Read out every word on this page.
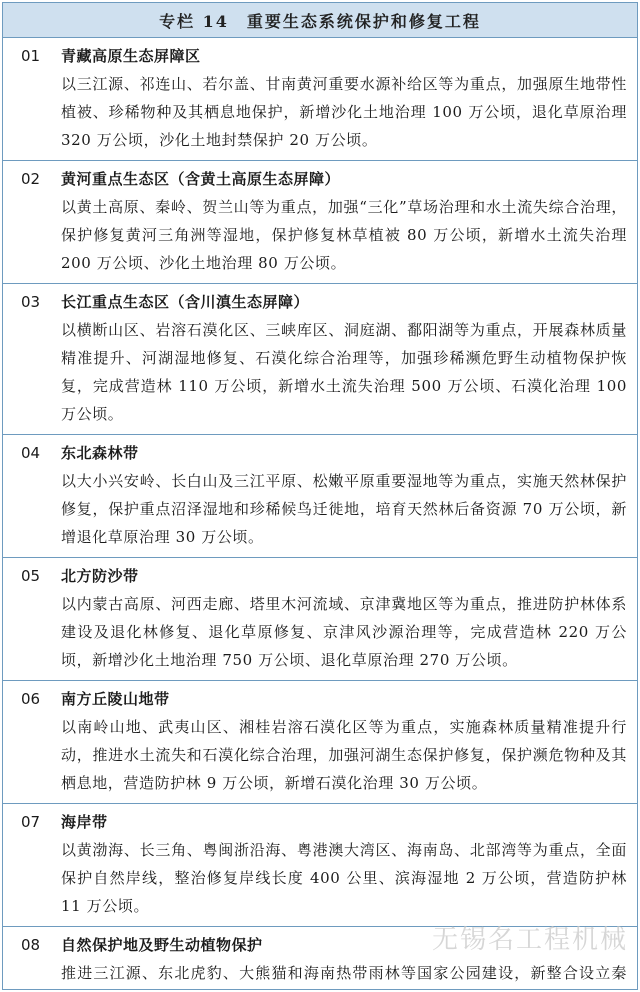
专栏 14　重要生态系统保护和修复工程
01	青藏高原生态屏障区
以三江源、祁连山、若尔盖、甘南黄河重要水源补给区等为重点，加强原生地带性植被、珍稀物种及其栖息地保护，新增沙化土地治理 100 万公顷，退化草原治理 320 万公顷，沙化土地封禁保护 20 万公顷。
02	黄河重点生态区（含黄土高原生态屏障）
以黄土高原、秦岭、贺兰山等为重点，加强“三化”草场治理和水土流失综合治理，保护修复黄河三角洲等湿地，保护修复林草植被 80 万公顷，新增水土流失治理 200 万公顷、沙化土地治理 80 万公顷。
03	长江重点生态区（含川滇生态屏障）
以横断山区、岩溶石漠化区、三峡库区、洞庭湖、鄱阳湖等为重点，开展森林质量精准提升、河湖湿地修复、石漠化综合治理等，加强珍稀濒危野生动植物保护恢复，完成营造林 110 万公顷，新增水土流失治理 500 万公顷、石漠化治理 100 万公顷。
04	东北森林带
以大小兴安岭、长白山及三江平原、松嫩平原重要湿地等为重点，实施天然林保护修复，保护重点沼泽湿地和珍稀候鸟迁徙地，培育天然林后备资源 70 万公顷，新增退化草原治理 30 万公顷。
05	北方防沙带
以内蒙古高原、河西走廊、塔里木河流域、京津冀地区等为重点，推进防护林体系建设及退化林修复、退化草原修复、京津风沙源治理等，完成营造林 220 万公顷，新增沙化土地治理 750 万公顷、退化草原治理 270 万公顷。
06	南方丘陵山地带
以南岭山地、武夷山区、湘桂岩溶石漠化区等为重点，实施森林质量精准提升行动，推进水土流失和石漠化综合治理，加强河湖生态保护修复，保护濒危物种及其栖息地，营造防护林 9 万公顷，新增石漠化治理 30 万公顷。
07	海岸带
以黄渤海、长三角、粤闽浙沿海、粤港澳大湾区、海南岛、北部湾等为重点，全面保护自然岸线，整治修复岸线长度 400 公里、滨海湿地 2 万公顷，营造防护林 11 万公顷。
08	自然保护地及野生动植物保护
推进三江源、东北虎豹、大熊猫和海南热带雨林等国家公园建设，新整合设立秦
无锡名工程机械
